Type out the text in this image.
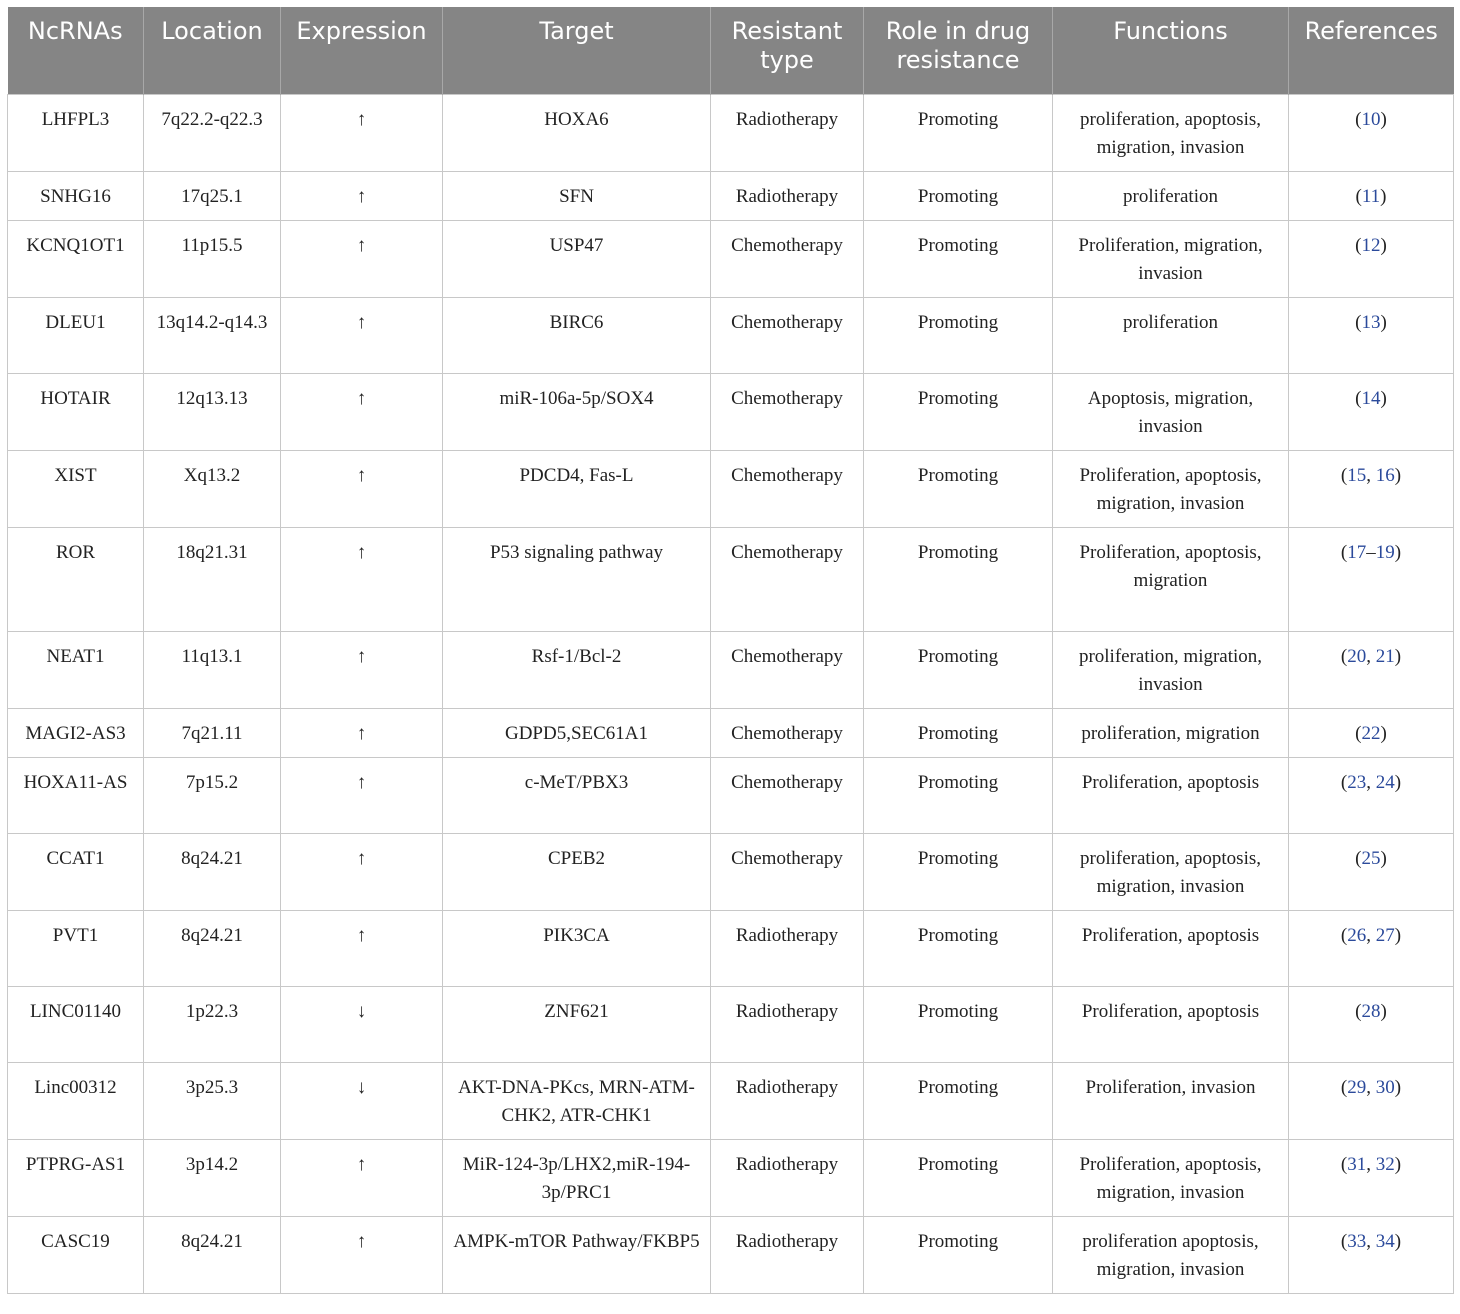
NcRNAs	Location	Expression	Target	Resistant type	Role in drug resistance	Functions	References
LHFPL3	7q22.2-q22.3	↑	HOXA6	Radiotherapy	Promoting	proliferation, apoptosis, migration, invasion	(10)
SNHG16	17q25.1	↑	SFN	Radiotherapy	Promoting	proliferation	(11)
KCNQ1OT1	11p15.5	↑	USP47	Chemotherapy	Promoting	Proliferation, migration, invasion	(12)
DLEU1	13q14.2-q14.3	↑	BIRC6	Chemotherapy	Promoting	proliferation	(13)
HOTAIR	12q13.13	↑	miR-106a-5p/SOX4	Chemotherapy	Promoting	Apoptosis, migration, invasion	(14)
XIST	Xq13.2	↑	PDCD4, Fas-L	Chemotherapy	Promoting	Proliferation, apoptosis, migration, invasion	(15, 16)
ROR	18q21.31	↑	P53 signaling pathway	Chemotherapy	Promoting	Proliferation, apoptosis, migration	(17–19)
NEAT1	11q13.1	↑	Rsf-1/Bcl-2	Chemotherapy	Promoting	proliferation, migration, invasion	(20, 21)
MAGI2-AS3	7q21.11	↑	GDPD5,SEC61A1	Chemotherapy	Promoting	proliferation, migration	(22)
HOXA11-AS	7p15.2	↑	c-MeT/PBX3	Chemotherapy	Promoting	Proliferation, apoptosis	(23, 24)
CCAT1	8q24.21	↑	CPEB2	Chemotherapy	Promoting	proliferation, apoptosis, migration, invasion	(25)
PVT1	8q24.21	↑	PIK3CA	Radiotherapy	Promoting	Proliferation, apoptosis	(26, 27)
LINC01140	1p22.3	↓	ZNF621	Radiotherapy	Promoting	Proliferation, apoptosis	(28)
Linc00312	3p25.3	↓	AKT-DNA-PKcs, MRN-ATM-CHK2, ATR-CHK1	Radiotherapy	Promoting	Proliferation, invasion	(29, 30)
PTPRG-AS1	3p14.2	↑	MiR-124-3p/LHX2,miR-194-3p/PRC1	Radiotherapy	Promoting	Proliferation, apoptosis, migration, invasion	(31, 32)
CASC19	8q24.21	↑	AMPK-mTOR Pathway/FKBP5	Radiotherapy	Promoting	proliferation apoptosis, migration, invasion	(33, 34)
